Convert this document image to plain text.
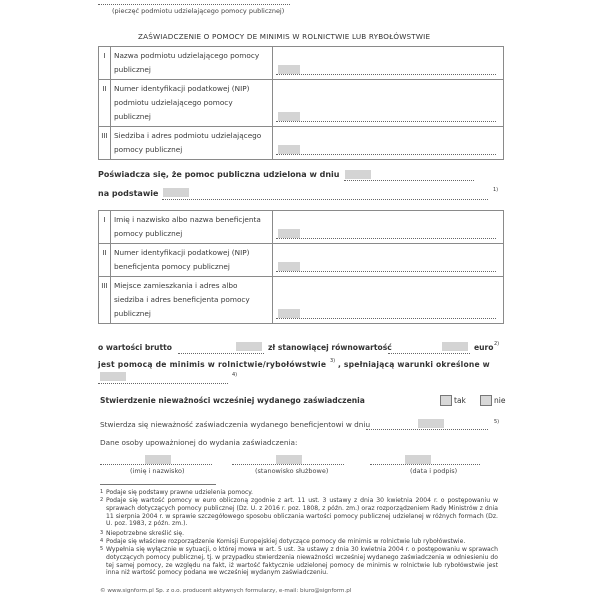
(pieczęć podmiotu udzielającego pomocy publicznej)
ZAŚWIADCZENIE O POMOCY DE MINIMIS W ROLNICTWIE LUB RYBOŁÓWSTWIE
I	Nazwa podmiotu udzielającego pomocy publicznej	

II	Numer identyfikacji podatkowej (NIP) podmiotu udzielającego pomocy publicznej	

III	Siedziba i adres podmiotu udzielającego pomocy publicznej	
Poświadcza się, że pomoc publiczna udzielona w dniu
na podstawie	1)
I	Imię i nazwisko albo nazwa beneficjenta pomocy publicznej	

II	Numer identyfikacji podatkowej (NIP) beneficjenta pomocy publicznej	

III	Miejsce zamieszkania i adres albo siedziba i adres beneficjenta pomocy publicznej	
o wartości brutto	zł stanowiącej równowartość	euro 2)
jest pomocą de minimis w rolnictwie/rybołówstwie 3) , spełniającą warunki określone w
4)
Stwierdzenie nieważności wcześniej wydanego zaświadczenia	tak	nie
Stwierdza się nieważność zaświadczenia wydanego beneficjentowi w dniu	5)
Dane osoby upoważnionej do wydania zaświadczenia:
(imię i nazwisko)	(stanowisko służbowe)	(data i podpis)
1 Podaje się podstawy prawne udzielenia pomocy.
2 Podaje się wartość pomocy w euro obliczoną zgodnie z art. 11 ust. 3 ustawy z dnia 30 kwietnia 2004 r. o postępowaniu w sprawach dotyczących pomocy publicznej (Dz. U. z 2016 r. poz. 1808, z późn. zm.) oraz rozporządzeniem Rady Ministrów z dnia 11 sierpnia 2004 r. w sprawie szczegółowego sposobu obliczania wartości pomocy publicznej udzielanej w różnych formach (Dz. U. poz. 1983, z późn. zm.).
3 Niepotrzebne skreślić się.
4 Podaje się właściwe rozporządzenie Komisji Europejskiej dotyczące pomocy de minimis w rolnictwie lub rybołówstwie.
5 Wypełnia się wyłącznie w sytuacji, o której mowa w art. 5 ust. 3a ustawy z dnia 30 kwietnia 2004 r. o postępowaniu w sprawach dotyczących pomocy publicznej, tj. w przypadku stwierdzenia nieważności wcześniej wydanego zaświadczenia w odniesieniu do tej samej pomocy, ze względu na fakt, iż wartość faktycznie udzielonej pomocy de minimis w rolnictwie lub rybołówstwie jest inna niż wartość pomocy podana we wcześniej wydanym zaświadczeniu.
© www.signform.pl Sp. z o.o. producent aktywnych formularzy, e-mail: biuro@signform.pl
